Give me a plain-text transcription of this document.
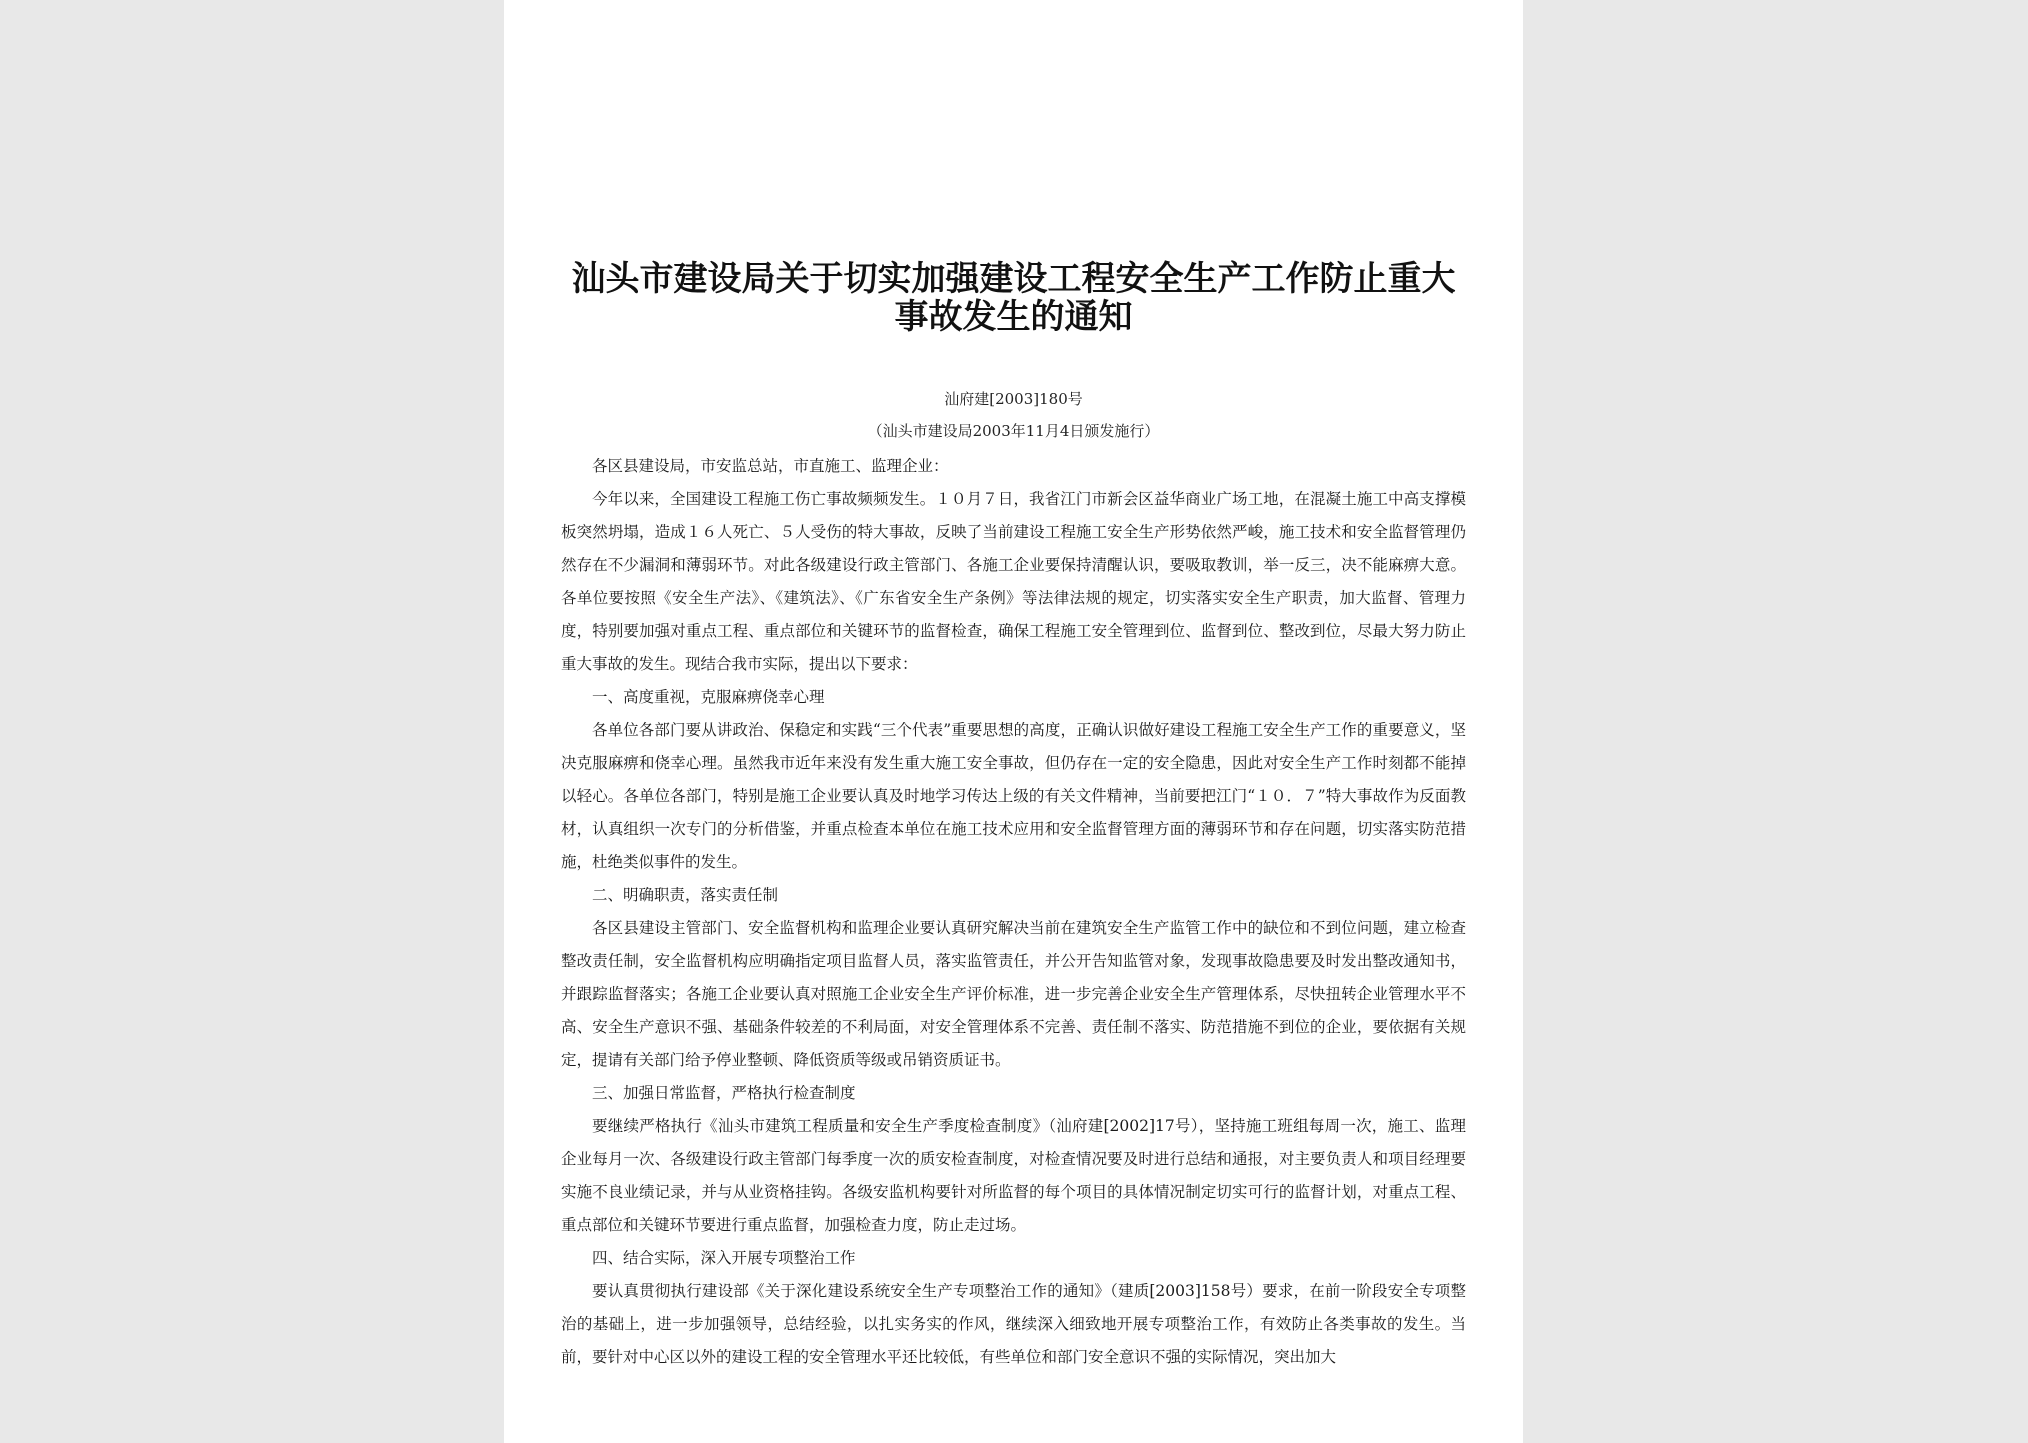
汕头市建设局关于切实加强建设工程安全生产工作防止重大事故发生的通知
汕府建[2003]180号
（汕头市建设局2003年11月4日颁发施行）

各区县建设局，市安监总站，市直施工、监理企业：

今年以来，全国建设工程施工伤亡事故频频发生。１０月７日，我省江门市新会区益华商业广场工地，在混凝土施工中高支撑模板突然坍塌，造成１６人死亡、５人受伤的特大事故，反映了当前建设工程施工安全生产形势依然严峻，施工技术和安全监督管理仍然存在不少漏洞和薄弱环节。对此各级建设行政主管部门、各施工企业要保持清醒认识，要吸取教训，举一反三，决不能麻痹大意。各单位要按照《安全生产法》、《建筑法》、《广东省安全生产条例》等法律法规的规定，切实落实安全生产职责，加大监督、管理力度，特别要加强对重点工程、重点部位和关键环节的监督检查，确保工程施工安全管理到位、监督到位、整改到位，尽最大努力防止重大事故的发生。现结合我市实际，提出以下要求：

一、高度重视，克服麻痹侥幸心理

各单位各部门要从讲政治、保稳定和实践“三个代表”重要思想的高度，正确认识做好建设工程施工安全生产工作的重要意义，坚决克服麻痹和侥幸心理。虽然我市近年来没有发生重大施工安全事故，但仍存在一定的安全隐患，因此对安全生产工作时刻都不能掉以轻心。各单位各部门，特别是施工企业要认真及时地学习传达上级的有关文件精神，当前要把江门“１０．７”特大事故作为反面教材，认真组织一次专门的分析借鉴，并重点检查本单位在施工技术应用和安全监督管理方面的薄弱环节和存在问题，切实落实防范措施，杜绝类似事件的发生。

二、明确职责，落实责任制

各区县建设主管部门、安全监督机构和监理企业要认真研究解决当前在建筑安全生产监管工作中的缺位和不到位问题，建立检查整改责任制，安全监督机构应明确指定项目监督人员，落实监管责任，并公开告知监管对象，发现事故隐患要及时发出整改通知书，并跟踪监督落实；各施工企业要认真对照施工企业安全生产评价标准，进一步完善企业安全生产管理体系，尽快扭转企业管理水平不高、安全生产意识不强、基础条件较差的不利局面，对安全管理体系不完善、责任制不落实、防范措施不到位的企业，要依据有关规定，提请有关部门给予停业整顿、降低资质等级或吊销资质证书。

三、加强日常监督，严格执行检查制度

要继续严格执行《汕头市建筑工程质量和安全生产季度检查制度》（汕府建[2002]17号），坚持施工班组每周一次，施工、监理企业每月一次、各级建设行政主管部门每季度一次的质安检查制度，对检查情况要及时进行总结和通报，对主要负责人和项目经理要实施不良业绩记录，并与从业资格挂钩。各级安监机构要针对所监督的每个项目的具体情况制定切实可行的监督计划，对重点工程、重点部位和关键环节要进行重点监督，加强检查力度，防止走过场。

四、结合实际，深入开展专项整治工作

要认真贯彻执行建设部《关于深化建设系统安全生产专项整治工作的通知》（建质[2003]158号）要求，在前一阶段安全专项整治的基础上，进一步加强领导，总结经验，以扎实务实的作风，继续深入细致地开展专项整治工作，有效防止各类事故的发生。当前，要针对中心区以外的建设工程的安全管理水平还比较低，有些单位和部门安全意识不强的实际情况，突出加大
